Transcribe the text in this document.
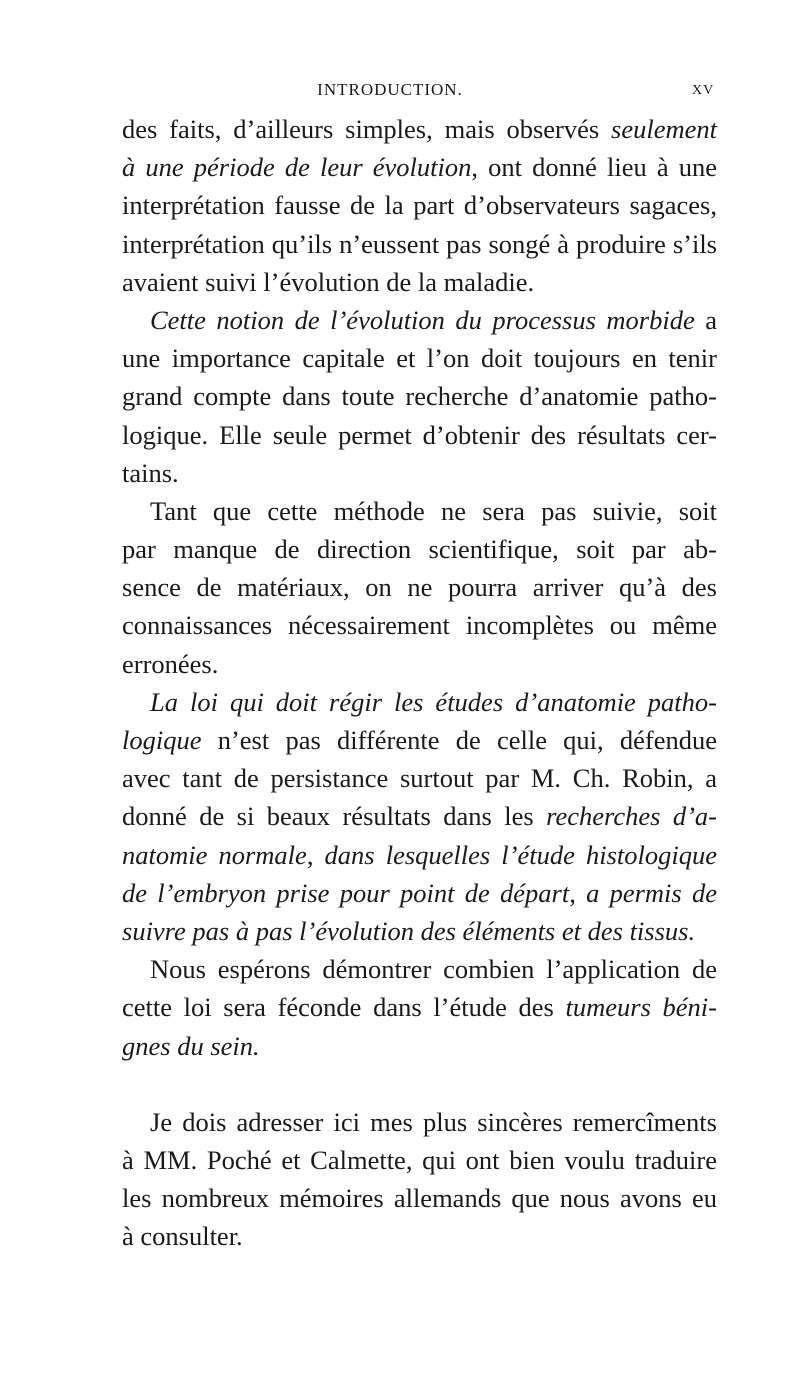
INTRODUCTION.	XV
des faits, d’ailleurs simples, mais observés seulement
à une période de leur évolution, ont donné lieu à une
interprétation fausse de la part d’observateurs sagaces,
interprétation qu’ils n’eussent pas songé à produire s’ils
avaient suivi l’évolution de la maladie.
Cette notion de l’évolution du processus morbide a
une importance capitale et l’on doit toujours en tenir
grand compte dans toute recherche d’anatomie patho-
logique. Elle seule permet d’obtenir des résultats cer-
tains.
Tant que cette méthode ne sera pas suivie, soit
par manque de direction scientifique, soit par ab-
sence de matériaux, on ne pourra arriver qu’à des
connaissances nécessairement incomplètes ou même
erronées.
La loi qui doit régir les études d’anatomie patho-
logique n’est pas différente de celle qui, défendue
avec tant de persistance surtout par M. Ch. Robin, a
donné de si beaux résultats dans les recherches d’a-
natomie normale, dans lesquelles l’étude histologique
de l’embryon prise pour point de départ, a permis de
suivre pas à pas l’évolution des éléments et des tissus.
Nous espérons démontrer combien l’application de
cette loi sera féconde dans l’étude des tumeurs béni-
gnes du sein.
Je dois adresser ici mes plus sincères remercîments
à MM. Poché et Calmette, qui ont bien voulu traduire
les nombreux mémoires allemands que nous avons eu
à consulter.
